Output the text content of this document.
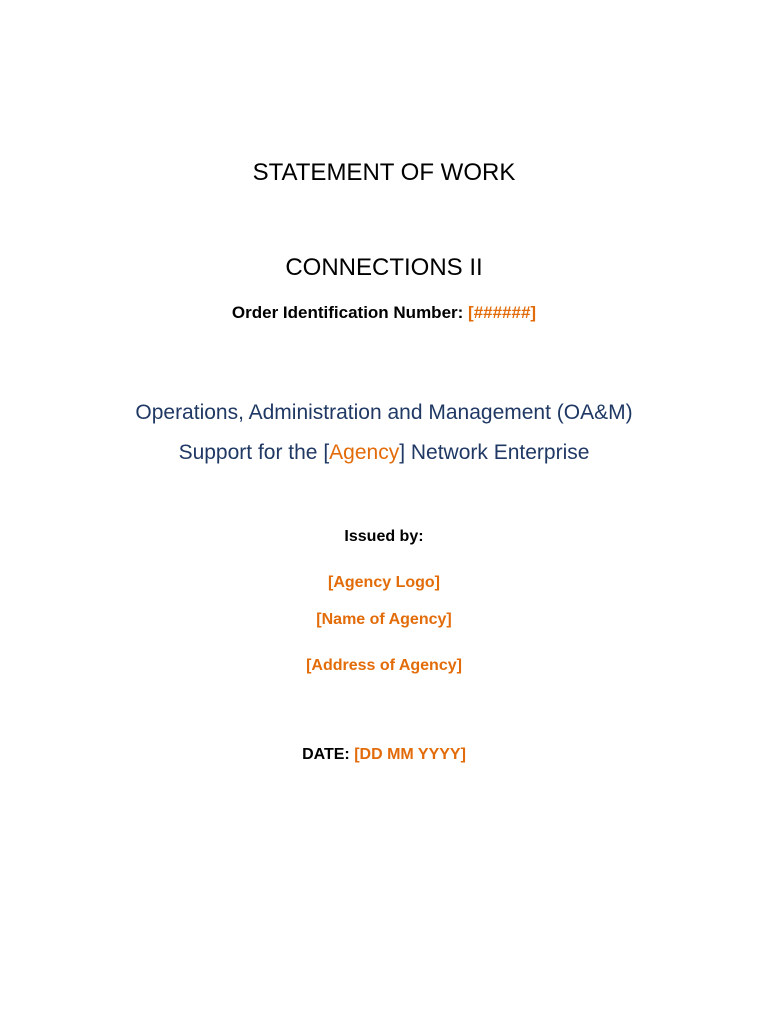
STATEMENT OF WORK
CONNECTIONS II
Order Identification Number: [######]
Operations, Administration and Management (OA&M)
Support for the [Agency] Network Enterprise
Issued by:
[Agency Logo]
[Name of Agency]
[Address of Agency]
DATE: [DD MM YYYY]
